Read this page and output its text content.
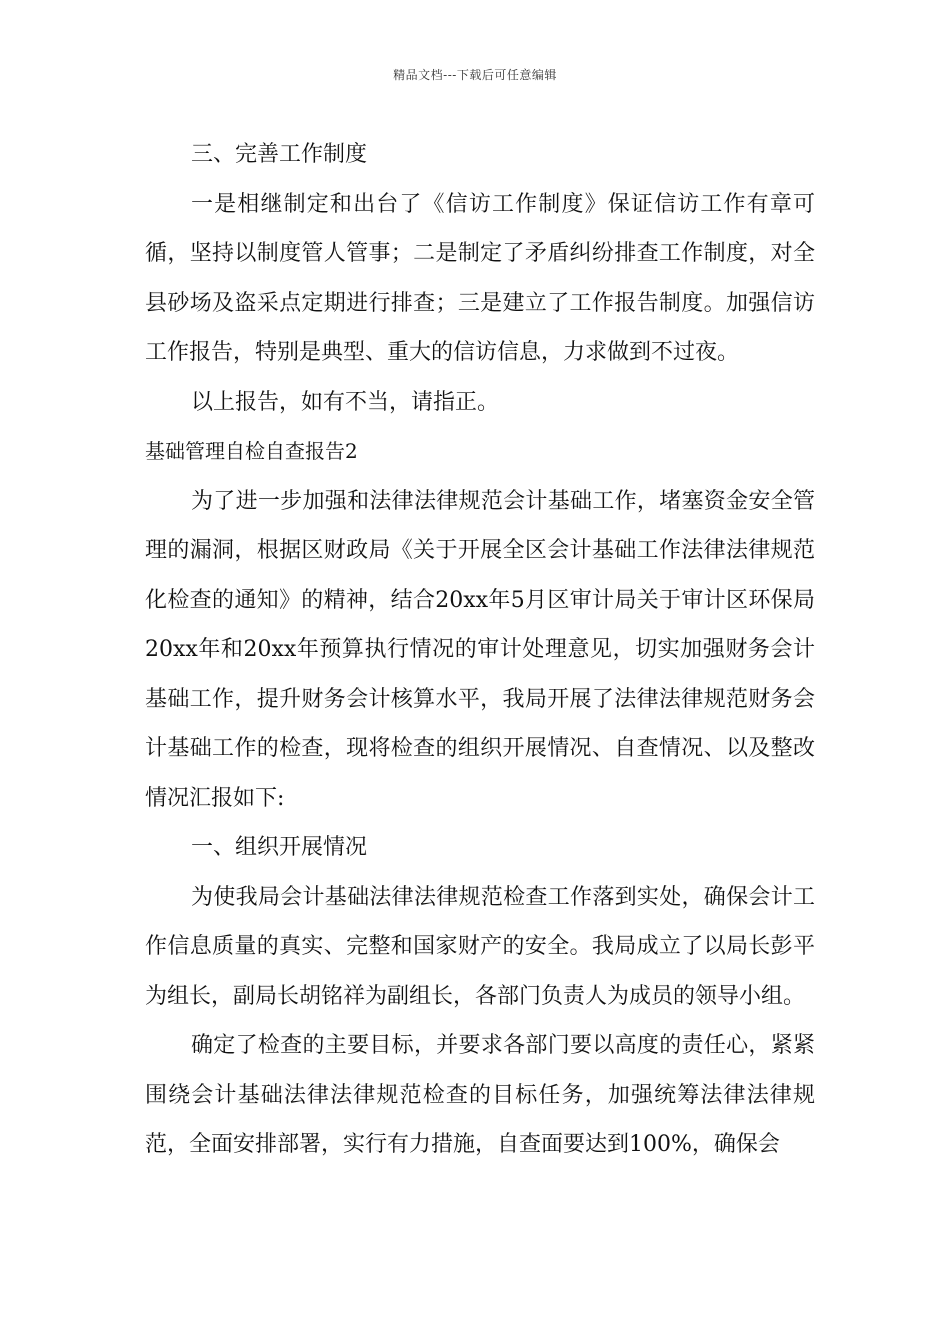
精品文档---下载后可任意编辑

三、完善工作制度

一是相继制定和出台了《信访工作制度》保证信访工作有章可循，坚持以制度管人管事；二是制定了矛盾纠纷排查工作制度，对全县砂场及盗采点定期进行排查；三是建立了工作报告制度。加强信访工作报告，特别是典型、重大的信访信息，力求做到不过夜。

以上报告，如有不当，请指正。

基础管理自检自查报告2

为了进一步加强和法律法律规范会计基础工作，堵塞资金安全管理的漏洞，根据区财政局《关于开展全区会计基础工作法律法律规范化检查的通知》的精神，结合20xx年5月区审计局关于审计区环保局20xx年和20xx年预算执行情况的审计处理意见，切实加强财务会计基础工作，提升财务会计核算水平，我局开展了法律法律规范财务会计基础工作的检查，现将检查的组织开展情况、自查情况、以及整改情况汇报如下:

一、组织开展情况

为使我局会计基础法律法律规范检查工作落到实处，确保会计工作信息质量的真实、完整和国家财产的安全。我局成立了以局长彭平为组长，副局长胡铭祥为副组长，各部门负责人为成员的领导小组。

确定了检查的主要目标，并要求各部门要以高度的责任心，紧紧围绕会计基础法律法律规范检查的目标任务，加强统筹法律法律规范，全面安排部署，实行有力措施，自查面要达到100%，确保会
